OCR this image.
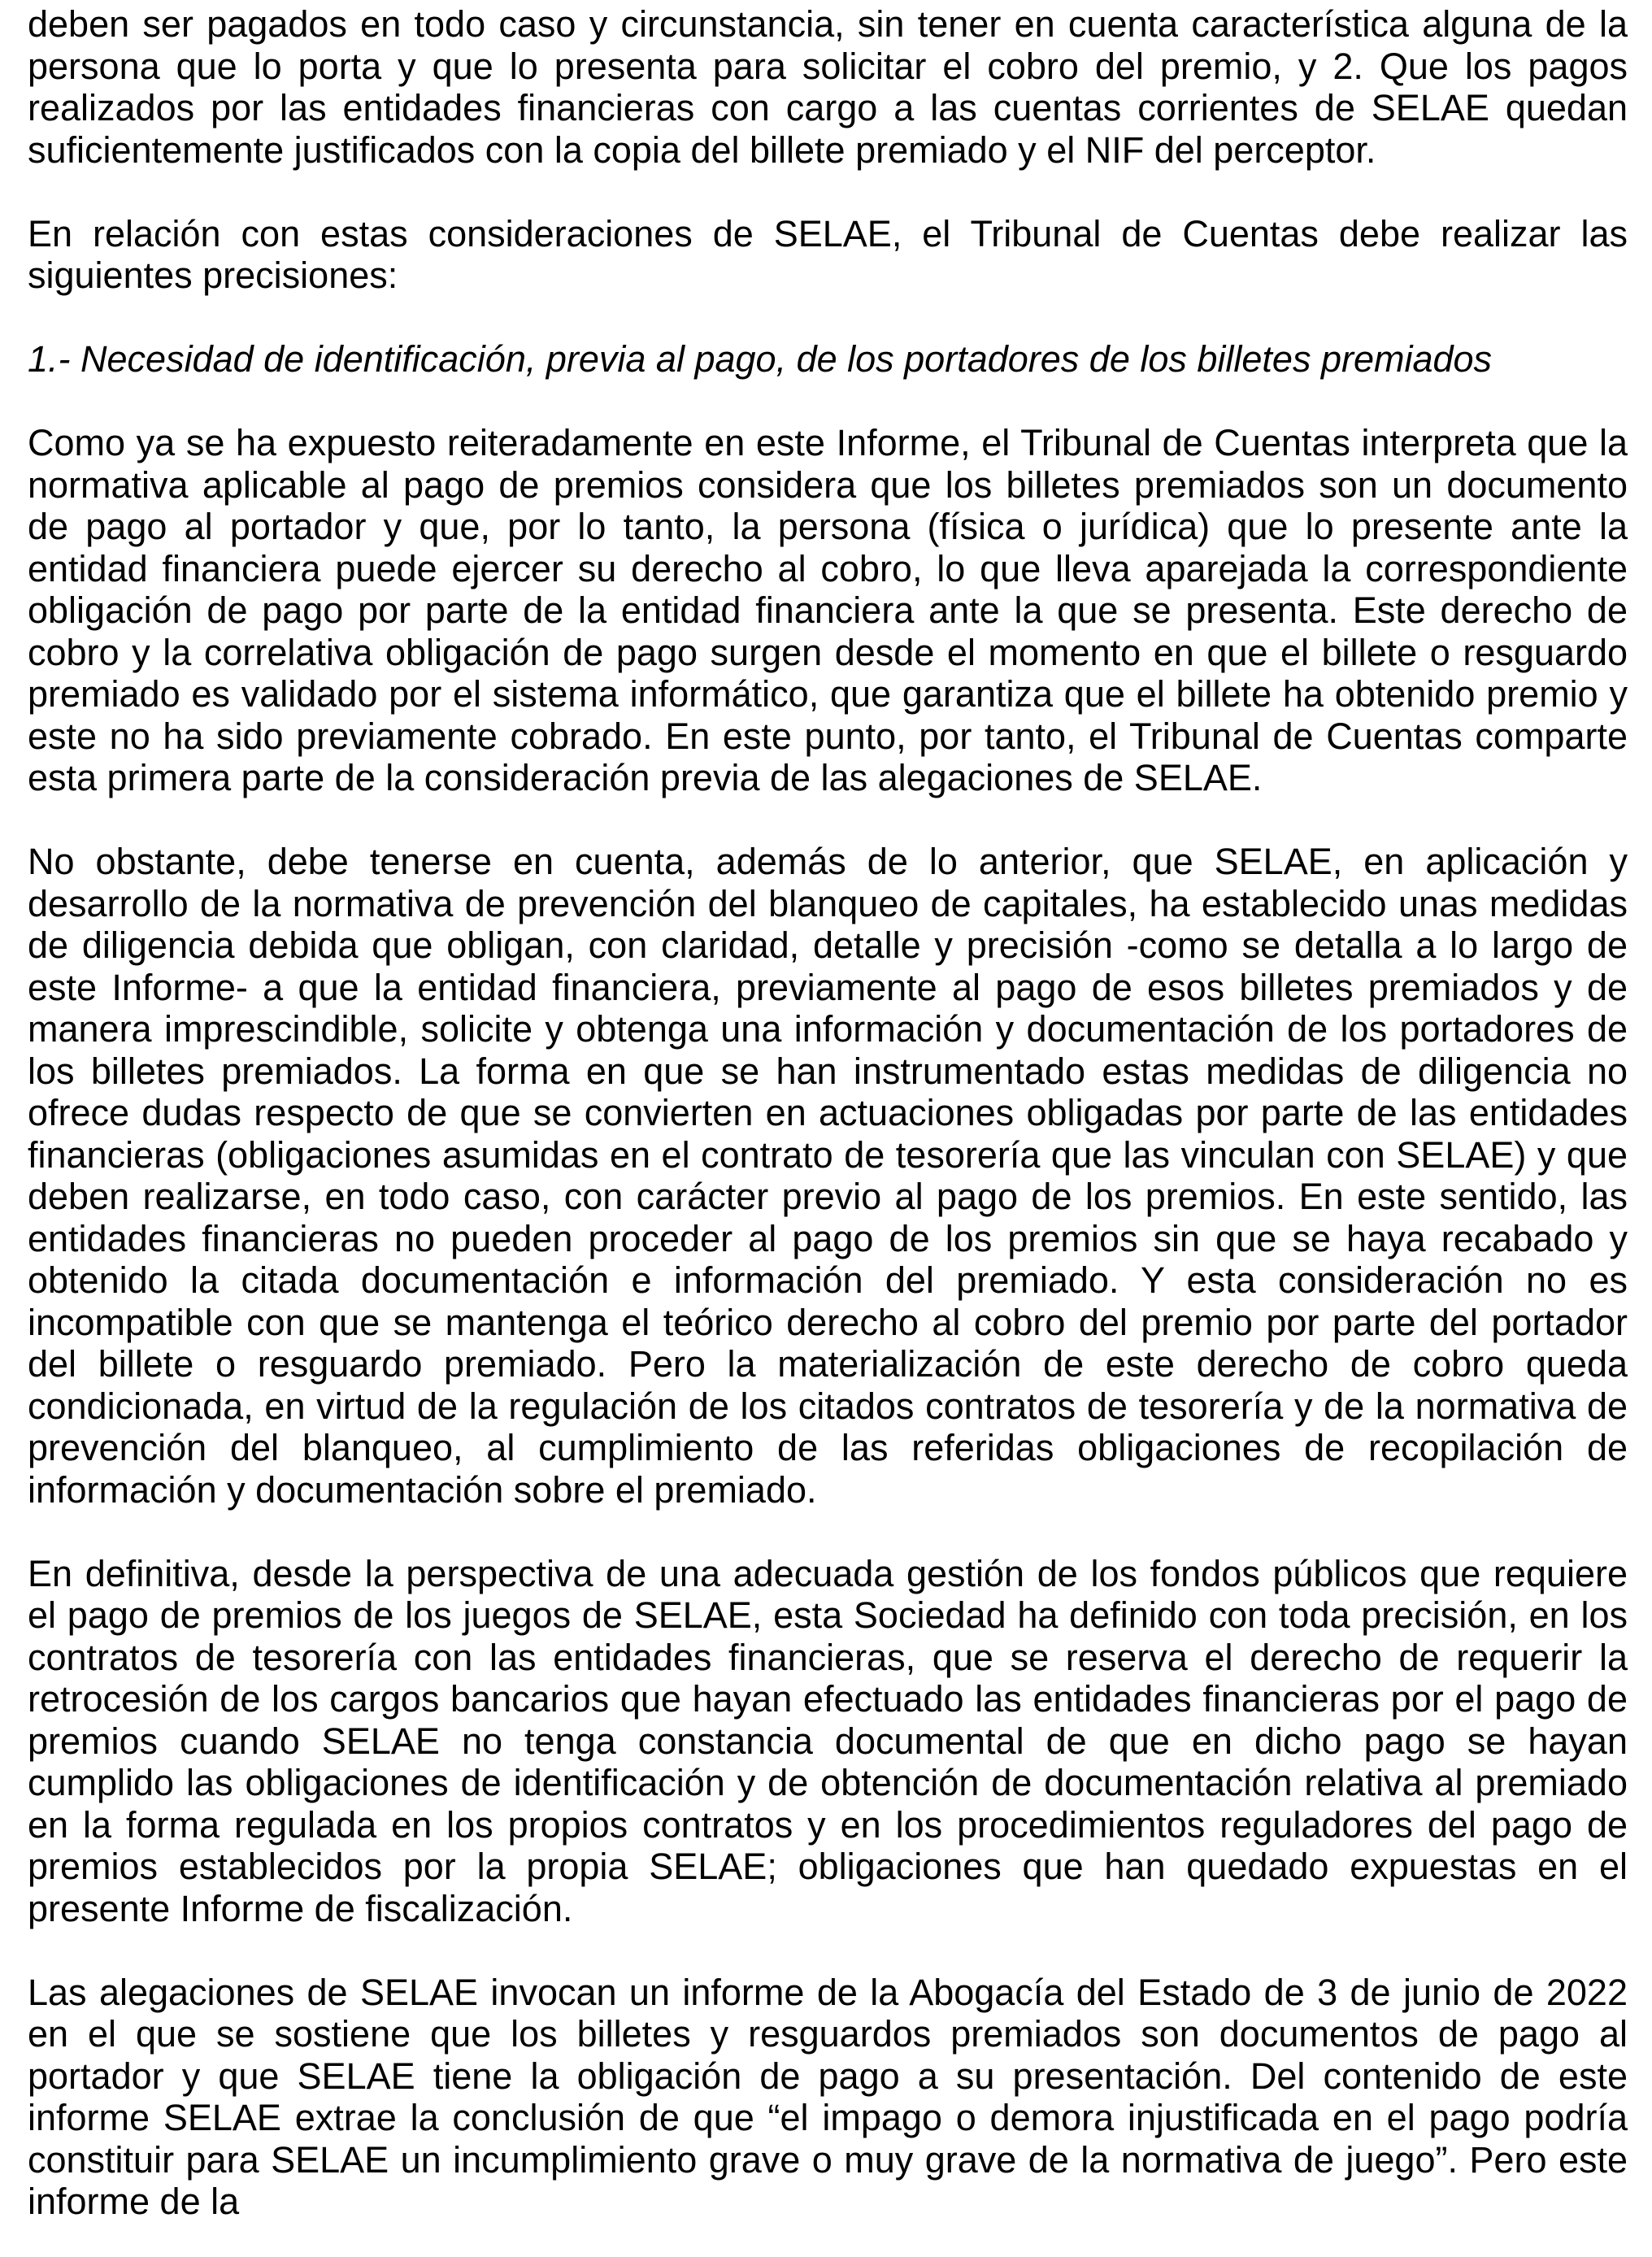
deben ser pagados en todo caso y circunstancia, sin tener en cuenta característica alguna de la persona que lo porta y que lo presenta para solicitar el cobro del premio, y 2. Que los pagos realizados por las entidades financieras con cargo a las cuentas corrientes de SELAE quedan suficientemente justificados con la copia del billete premiado y el NIF del perceptor.

En relación con estas consideraciones de SELAE, el Tribunal de Cuentas debe realizar las siguientes precisiones:

1.- Necesidad de identificación, previa al pago, de los portadores de los billetes premiados

Como ya se ha expuesto reiteradamente en este Informe, el Tribunal de Cuentas interpreta que la normativa aplicable al pago de premios considera que los billetes premiados son un documento de pago al portador y que, por lo tanto, la persona (física o jurídica) que lo presente ante la entidad financiera puede ejercer su derecho al cobro, lo que lleva aparejada la correspondiente obligación de pago por parte de la entidad financiera ante la que se presenta. Este derecho de cobro y la correlativa obligación de pago surgen desde el momento en que el billete o resguardo premiado es validado por el sistema informático, que garantiza que el billete ha obtenido premio y este no ha sido previamente cobrado. En este punto, por tanto, el Tribunal de Cuentas comparte esta primera parte de la consideración previa de las alegaciones de SELAE.

No obstante, debe tenerse en cuenta, además de lo anterior, que SELAE, en aplicación y desarrollo de la normativa de prevención del blanqueo de capitales, ha establecido unas medidas de diligencia debida que obligan, con claridad, detalle y precisión -como se detalla a lo largo de este Informe- a que la entidad financiera, previamente al pago de esos billetes premiados y de manera imprescindible, solicite y obtenga una información y documentación de los portadores de los billetes premiados. La forma en que se han instrumentado estas medidas de diligencia no ofrece dudas respecto de que se convierten en actuaciones obligadas por parte de las entidades financieras (obligaciones asumidas en el contrato de tesorería que las vinculan con SELAE) y que deben realizarse, en todo caso, con carácter previo al pago de los premios. En este sentido, las entidades financieras no pueden proceder al pago de los premios sin que se haya recabado y obtenido la citada documentación e información del premiado. Y esta consideración no es incompatible con que se mantenga el teórico derecho al cobro del premio por parte del portador del billete o resguardo premiado. Pero la materialización de este derecho de cobro queda condicionada, en virtud de la regulación de los citados contratos de tesorería y de la normativa de prevención del blanqueo, al cumplimiento de las referidas obligaciones de recopilación de información y documentación sobre el premiado.

En definitiva, desde la perspectiva de una adecuada gestión de los fondos públicos que requiere el pago de premios de los juegos de SELAE, esta Sociedad ha definido con toda precisión, en los contratos de tesorería con las entidades financieras, que se reserva el derecho de requerir la retrocesión de los cargos bancarios que hayan efectuado las entidades financieras por el pago de premios cuando SELAE no tenga constancia documental de que en dicho pago se hayan cumplido las obligaciones de identificación y de obtención de documentación relativa al premiado en la forma regulada en los propios contratos y en los procedimientos reguladores del pago de premios establecidos por la propia SELAE; obligaciones que han quedado expuestas en el presente Informe de fiscalización.

Las alegaciones de SELAE invocan un informe de la Abogacía del Estado de 3 de junio de 2022 en el que se sostiene que los billetes y resguardos premiados son documentos de pago al portador y que SELAE tiene la obligación de pago a su presentación. Del contenido de este informe SELAE extrae la conclusión de que “el impago o demora injustificada en el pago podría constituir para SELAE un incumplimiento grave o muy grave de la normativa de juego”. Pero este informe de la
